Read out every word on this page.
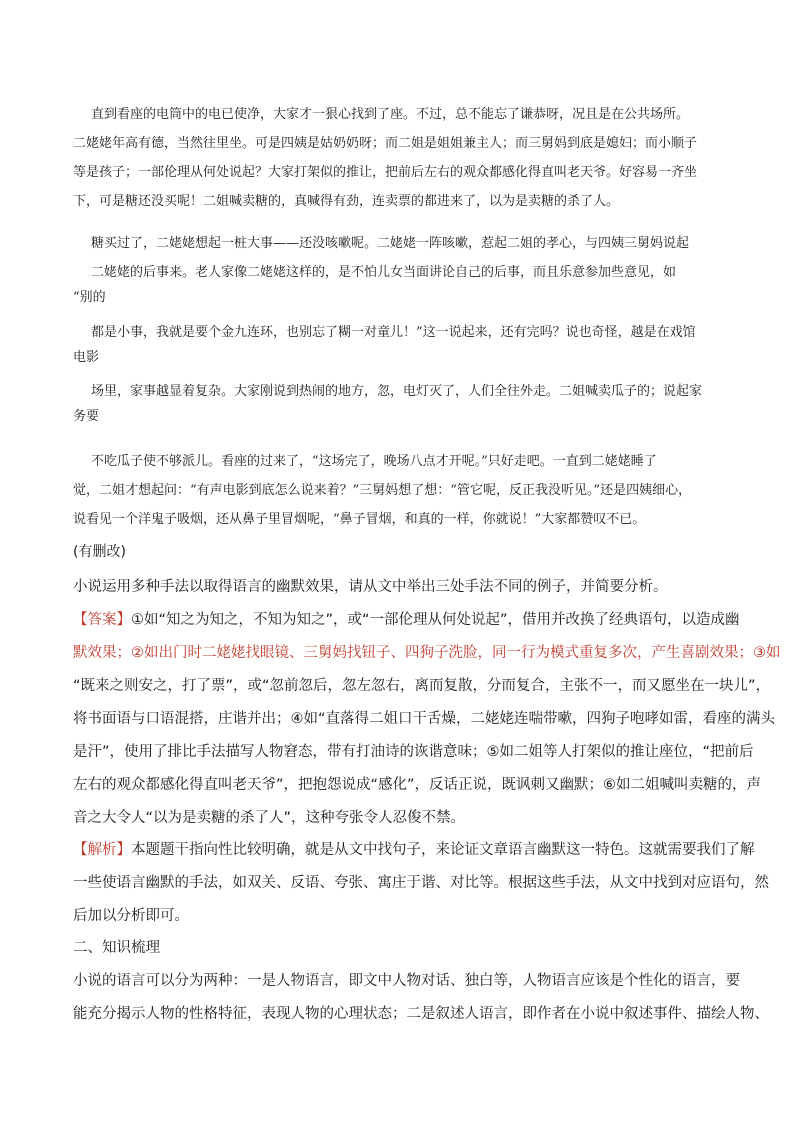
直到看座的电筒中的电已使净，大家才一狠心找到了座。不过，总不能忘了谦恭呀，况且是在公共场所。
二姥姥年高有德，当然往里坐。可是四姨是姑奶奶呀；而二姐是姐姐兼主人；而三舅妈到底是媳妇；而小顺子
等是孩子；一部伦理从何处说起？大家打架似的推让，把前后左右的观众都感化得直叫老天爷。好容易一齐坐
下，可是糖还没买呢！二姐喊卖糖的，真喊得有劲，连卖票的都进来了，以为是卖糖的杀了人。
糖买过了，二姥姥想起一桩大事——还没咳嗽呢。二姥姥一阵咳嗽，惹起二姐的孝心，与四姨三舅妈说起
二姥姥的后事来。老人家像二姥姥这样的，是不怕儿女当面讲论自己的后事，而且乐意参加些意见，如
“别的
都是小事，我就是要个金九连环，也别忘了糊一对童儿！”这一说起来，还有完吗？说也奇怪，越是在戏馆
电影
场里，家事越显着复杂。大家刚说到热闹的地方，忽，电灯灭了，人们全往外走。二姐喊卖瓜子的；说起家
务要
不吃瓜子使不够派儿。看座的过来了，“这场完了，晚场八点才开呢。”只好走吧。一直到二姥姥睡了
觉，二姐才想起问：“有声电影到底怎么说来着？”三舅妈想了想：“管它呢，反正我没听见。”还是四姨细心，
说看见一个洋鬼子吸烟，还从鼻子里冒烟呢，“鼻子冒烟，和真的一样，你就说！”大家都赞叹不已。
(有删改)
小说运用多种手法以取得语言的幽默效果，请从文中举出三处手法不同的例子，并简要分析。
【答案】①如“知之为知之，不知为知之”，或“一部伦理从何处说起”，借用并改换了经典语句，以造成幽
默效果；②如出门时二姥姥找眼镜、三舅妈找钮子、四狗子洗脸，同一行为模式重复多次，产生喜剧效果；③如
“既来之则安之，打了票”，或“忽前忽后，忽左忽右，离而复散，分而复合，主张不一，而又愿坐在一块儿”，
将书面语与口语混搭，庄谐并出；④如“直落得二姐口干舌燥，二姥姥连喘带嗽，四狗子咆哮如雷，看座的满头
是汗”，使用了排比手法描写人物窘态，带有打油诗的诙谐意味；⑤如二姐等人打架似的推让座位，“把前后
左右的观众都感化得直叫老天爷”，把抱怨说成“感化”，反话正说，既讽刺又幽默；⑥如二姐喊叫卖糖的，声
音之大令人“以为是卖糖的杀了人”，这种夸张令人忍俊不禁。
【解析】本题题干指向性比较明确，就是从文中找句子，来论证文章语言幽默这一特色。这就需要我们了解
一些使语言幽默的手法，如双关、反语、夸张、寓庄于谐、对比等。根据这些手法，从文中找到对应语句，然
后加以分析即可。
二、知识梳理
小说的语言可以分为两种：一是人物语言，即文中人物对话、独白等，人物语言应该是个性化的语言，要
能充分揭示人物的性格特征，表现人物的心理状态；二是叙述人语言，即作者在小说中叙述事件、描绘人物、
